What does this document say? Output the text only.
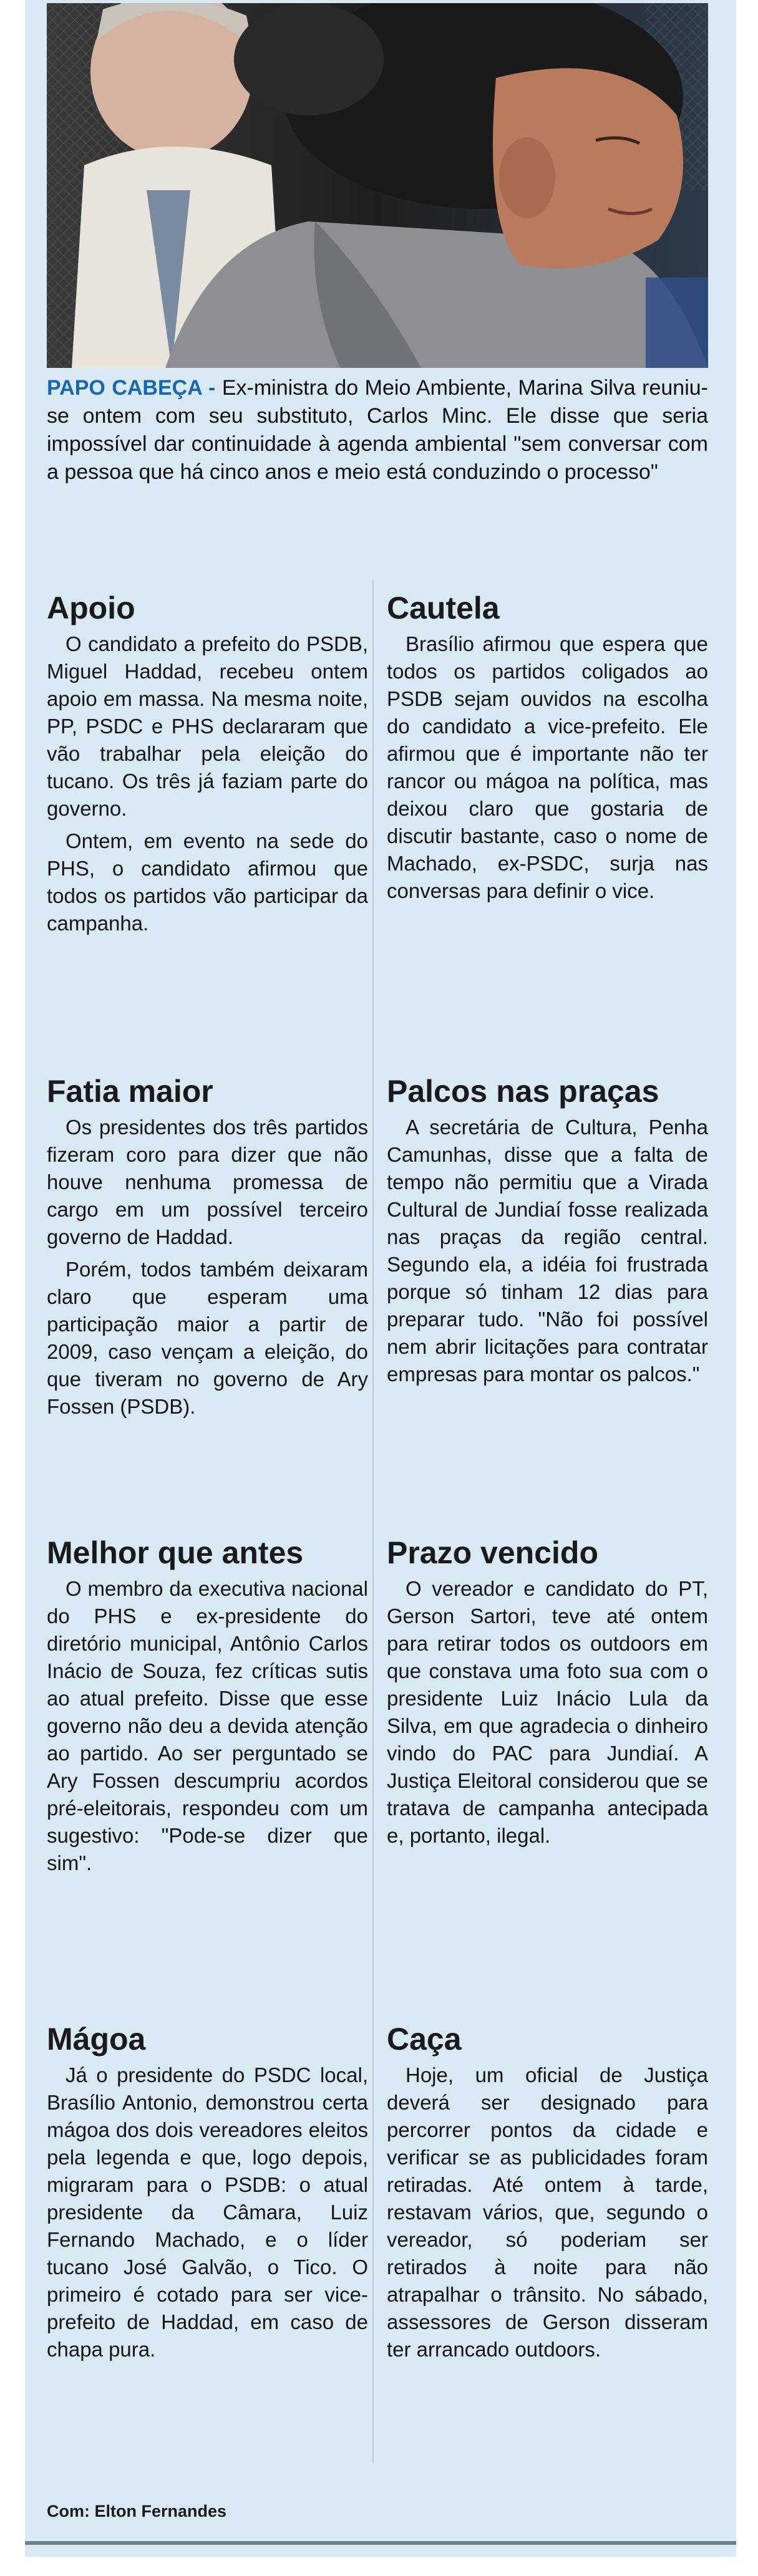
PAPO CABEÇA - Ex-ministra do Meio Ambiente, Marina Silva reuniu-se ontem com seu substituto, Carlos Minc. Ele disse que seria impossível dar continuidade à agenda ambiental "sem conversar com a pessoa que há cinco anos e meio está conduzindo o processo"
Apoio

O candidato a prefeito do PSDB, Miguel Haddad, recebeu ontem apoio em massa. Na mesma noite, PP, PSDC e PHS declararam que vão trabalhar pela eleição do tucano. Os três já faziam parte do governo.

Ontem, em evento na sede do PHS, o candidato afirmou que todos os partidos vão participar da campanha.

Fatia maior

Os presidentes dos três partidos fizeram coro para dizer que não houve nenhuma promessa de cargo em um possível terceiro governo de Haddad.

Porém, todos também deixaram claro que esperam uma participação maior a partir de 2009, caso vençam a eleição, do que tiveram no governo de Ary Fossen (PSDB).

Melhor que antes

O membro da executiva nacional do PHS e ex-presidente do diretório municipal, Antônio Carlos Inácio de Souza, fez críticas sutis ao atual prefeito. Disse que esse governo não deu a devida atenção ao partido. Ao ser perguntado se Ary Fossen descumpriu acordos pré-eleitorais, respondeu com um sugestivo: "Pode-se dizer que sim".

Mágoa

Já o presidente do PSDC local, Brasílio Antonio, demonstrou certa mágoa dos dois vereadores eleitos pela legenda e que, logo depois, migraram para o PSDB: o atual presidente da Câmara, Luiz Fernando Machado, e o líder tucano José Galvão, o Tico. O primeiro é cotado para ser vice-prefeito de Haddad, em caso de chapa pura.

Cautela

Brasílio afirmou que espera que todos os partidos coligados ao PSDB sejam ouvidos na escolha do candidato a vice-prefeito. Ele afirmou que é importante não ter rancor ou mágoa na política, mas deixou claro que gostaria de discutir bastante, caso o nome de Machado, ex-PSDC, surja nas conversas para definir o vice.

Palcos nas praças

A secretária de Cultura, Penha Camunhas, disse que a falta de tempo não permitiu que a Virada Cultural de Jundiaí fosse realizada nas praças da região central. Segundo ela, a idéia foi frustrada porque só tinham 12 dias para preparar tudo. "Não foi possível nem abrir licitações para contratar empresas para montar os palcos."

Prazo vencido

O vereador e candidato do PT, Gerson Sartori, teve até ontem para retirar todos os outdoors em que constava uma foto sua com o presidente Luiz Inácio Lula da Silva, em que agradecia o dinheiro vindo do PAC para Jundiaí. A Justiça Eleitoral considerou que se tratava de campanha antecipada e, portanto, ilegal.

Caça

Hoje, um oficial de Justiça deverá ser designado para percorrer pontos da cidade e verificar se as publicidades foram retiradas. Até ontem à tarde, restavam vários, que, segundo o vereador, só poderiam ser retirados à noite para não atrapalhar o trânsito. No sábado, assessores de Gerson disseram ter arrancado outdoors.

Com: Elton Fernandes
